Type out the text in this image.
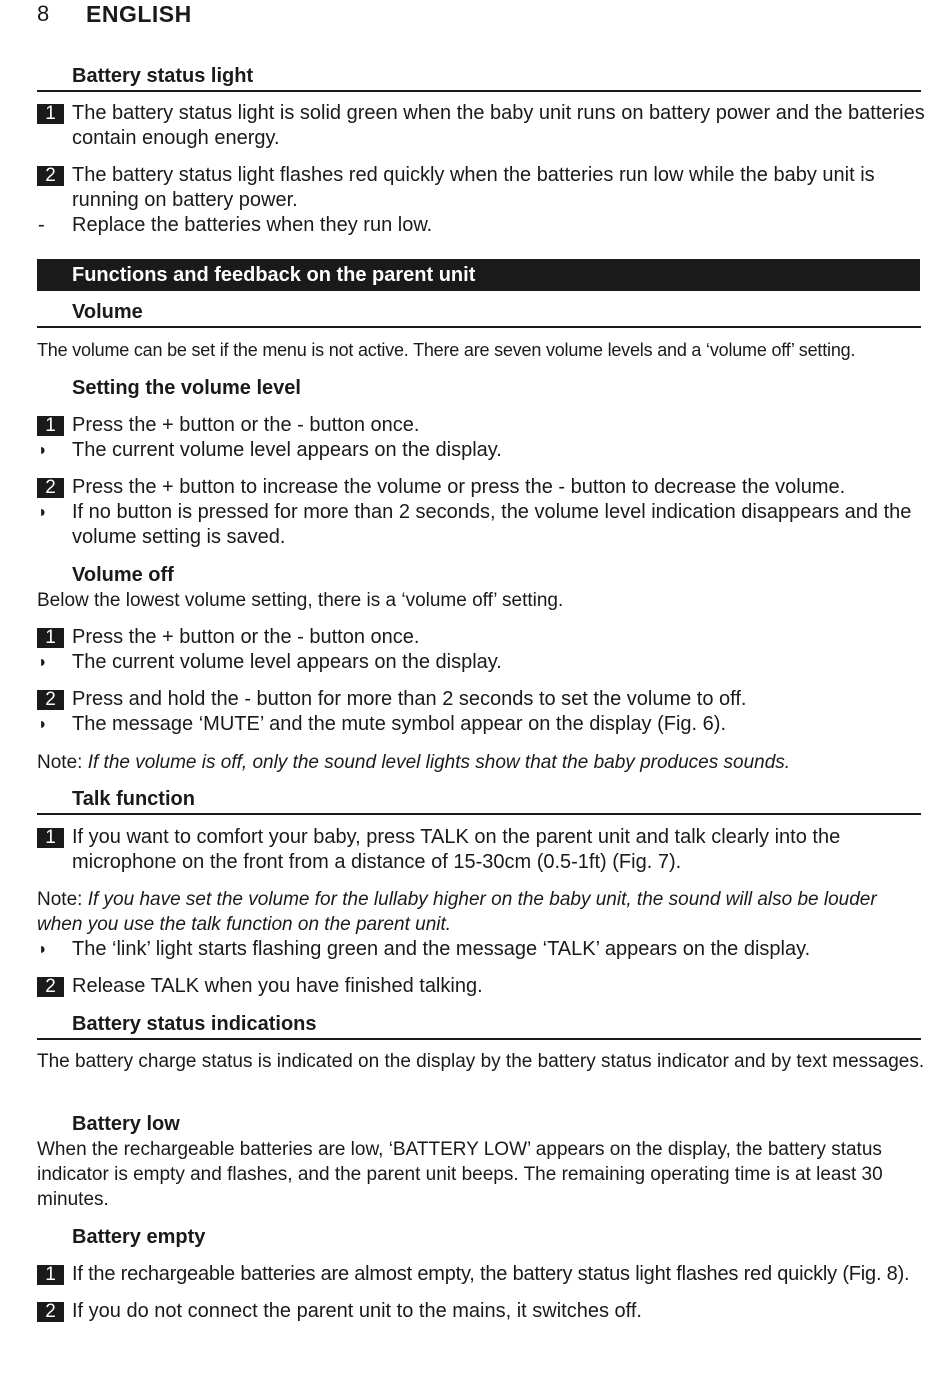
8 ENGLISH
Battery status light
1 The battery status light is solid green when the baby unit runs on battery power and the batteries contain enough energy.
2 The battery status light flashes red quickly when the batteries run low while the baby unit is running on battery power.
- Replace the batteries when they run low.
Functions and feedback on the parent unit
Volume
The volume can be set if the menu is not active. There are seven volume levels and a ‘volume off’ setting.
Setting the volume level
1 Press the + button or the - button once.
◗ The current volume level appears on the display.
2 Press the + button to increase the volume or press the - button to decrease the volume.
◗ If no button is pressed for more than 2 seconds, the volume level indication disappears and the volume setting is saved.
Volume off
Below the lowest volume setting, there is a ‘volume off’ setting.
1 Press the + button or the - button once.
◗ The current volume level appears on the display.
2 Press and hold the - button for more than 2 seconds to set the volume to off.
◗ The message ‘MUTE’ and the mute symbol appear on the display (Fig. 6).
Note: If the volume is off, only the sound level lights show that the baby produces sounds.
Talk function
1 If you want to comfort your baby, press TALK on the parent unit and talk clearly into the microphone on the front from a distance of 15-30cm (0.5-1ft) (Fig. 7).
Note: If you have set the volume for the lullaby higher on the baby unit, the sound will also be louder when you use the talk function on the parent unit.
◗ The ‘link’ light starts flashing green and the message ‘TALK’ appears on the display.
2 Release TALK when you have finished talking.
Battery status indications
The battery charge status is indicated on the display by the battery status indicator and by text messages.
Battery low
When the rechargeable batteries are low, ‘BATTERY LOW’ appears on the display, the battery status indicator is empty and flashes, and the parent unit beeps. The remaining operating time is at least 30 minutes.
Battery empty
1 If the rechargeable batteries are almost empty, the battery status light flashes red quickly (Fig. 8).
2 If you do not connect the parent unit to the mains, it switches off.
